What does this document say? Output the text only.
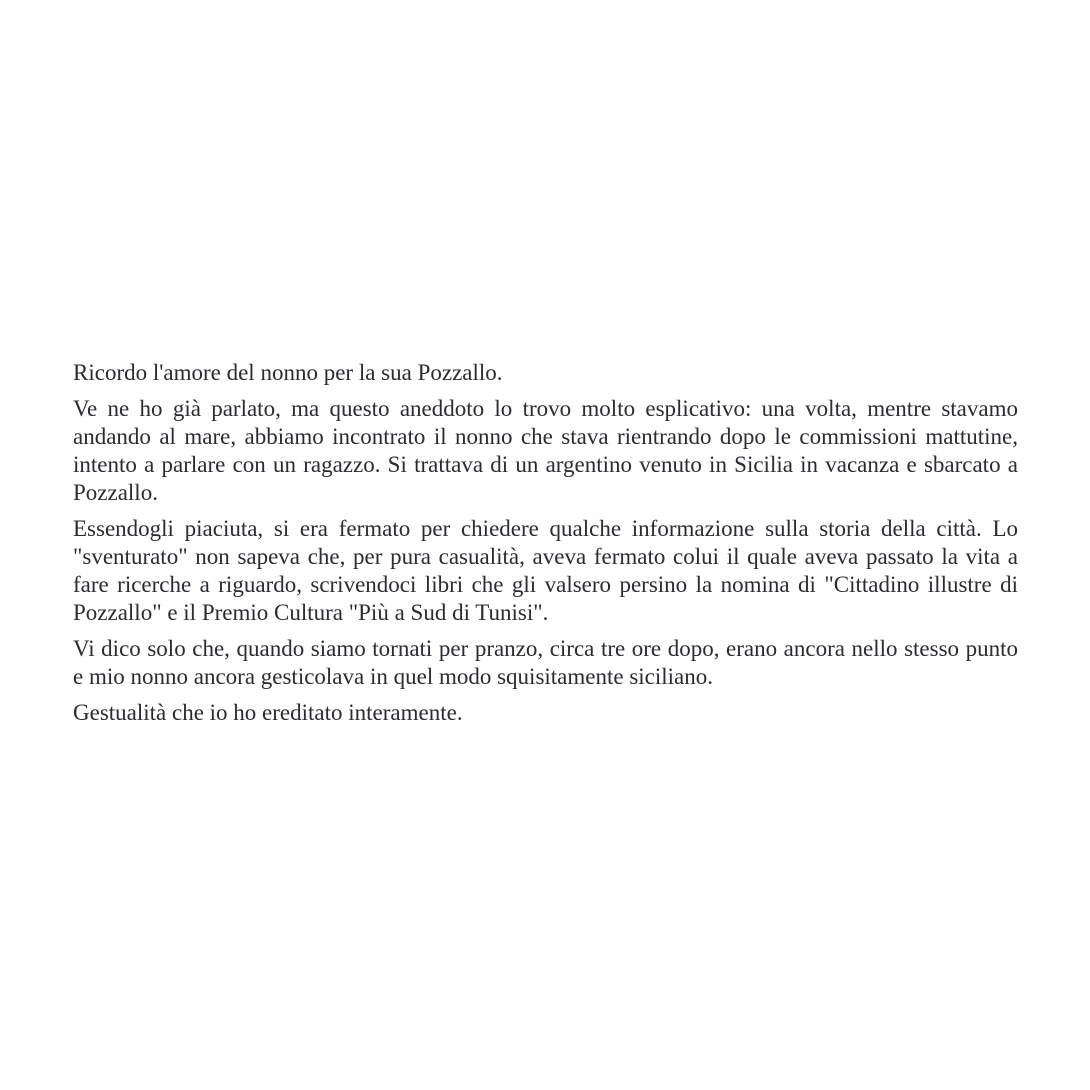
Ricordo l'amore del nonno per la sua Pozzallo.

Ve ne ho già parlato, ma questo aneddoto lo trovo molto esplicativo: una volta, mentre stavamo andando al mare, abbiamo incontrato il nonno che stava rientrando dopo le commissioni mattutine, intento a parlare con un ragazzo. Si trattava di un argentino venuto in Sicilia in vacanza e sbarcato a Pozzallo.

Essendogli piaciuta, si era fermato per chiedere qualche informazione sulla storia della città. Lo "sventurato" non sapeva che, per pura casualità, aveva fermato colui il quale aveva passato la vita a fare ricerche a riguardo, scrivendoci libri che gli valsero persino la nomina di "Cittadino illustre di Pozzallo" e il Premio Cultura "Più a Sud di Tunisi".

Vi dico solo che, quando siamo tornati per pranzo, circa tre ore dopo, erano ancora nello stesso punto e mio nonno ancora gesticolava in quel modo squisitamente siciliano.

Gestualità che io ho ereditato interamente.
